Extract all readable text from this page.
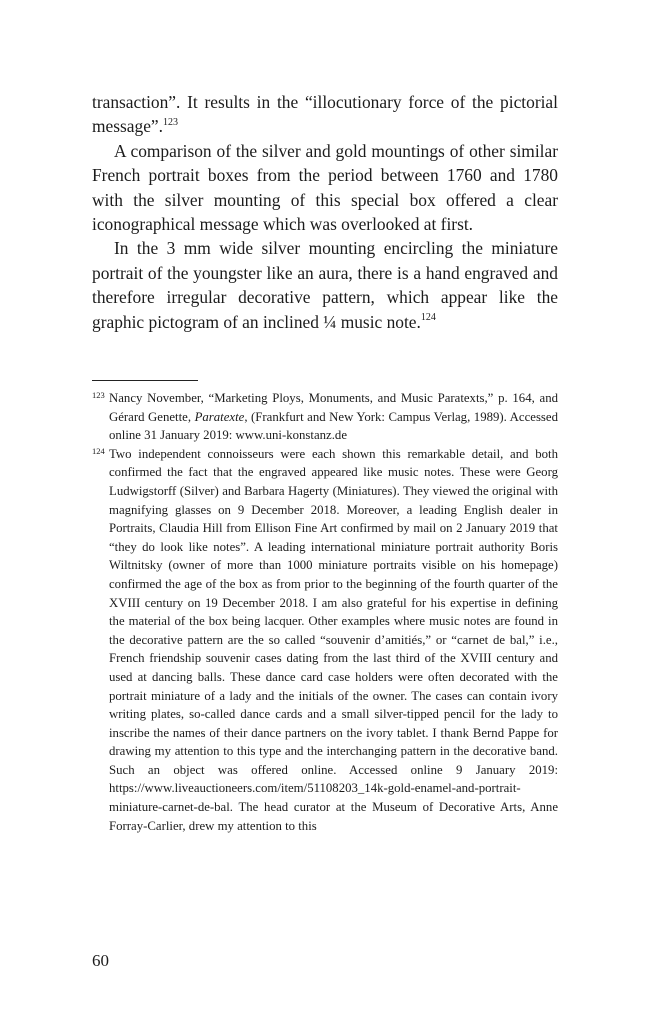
transaction”. It results in the “illocutionary force of the pictorial message”.$^{123}$

A comparison of the silver and gold mountings of other similar French portrait boxes from the period between 1760 and 1780 with the silver mounting of this special box offered a clear iconographical message which was overlooked at first.

In the 3 mm wide silver mounting encircling the miniature portrait of the youngster like an aura, there is a hand engraved and therefore irregular decorative pattern, which appear like the graphic pictogram of an inclined ¼ music note.$^{124}$

123 Nancy November, “Marketing Ploys, Monuments, and Music Paratexts,” p. 164, and Gérard Genette, Paratexte, (Frankfurt and New York: Campus Verlag, 1989). Accessed online 31 January 2019: www.uni-konstanz.de

124 Two independent connoisseurs were each shown this remarkable detail, and both confirmed the fact that the engraved appeared like music notes. These were Georg Ludwigstorff (Silver) and Barbara Hagerty (Miniatures). They viewed the original with magnifying glasses on 9 December 2018. Moreover, a leading English dealer in Portraits, Claudia Hill from Ellison Fine Art confirmed by mail on 2 January 2019 that “they do look like notes”. A leading international miniature portrait authority Boris Wiltnitsky (owner of more than 1000 miniature portraits visible on his homepage) confirmed the age of the box as from prior to the beginning of the fourth quarter of the XVIII century on 19 December 2018. I am also grateful for his expertise in defining the material of the box being lacquer. Other examples where music notes are found in the decorative pattern are the so called “souvenir d’amitiés,” or “carnet de bal,” i.e., French friendship souvenir cases dating from the last third of the XVIII century and used at dancing balls. These dance card case holders were often decorated with the portrait miniature of a lady and the initials of the owner. The cases can contain ivory writing plates, so-called dance cards and a small silver-tipped pencil for the lady to inscribe the names of their dance partners on the ivory tablet. I thank Bernd Pappe for drawing my attention to this type and the interchanging pattern in the decorative band. Such an object was offered online. Accessed online 9 January 2019: https://www.liveauctioneers.com/item/51108203_14k-gold-enamel-and-portrait-miniature-carnet-de-bal. The head curator at the Museum of Decorative Arts, Anne Forray-Carlier, drew my attention to this

60
